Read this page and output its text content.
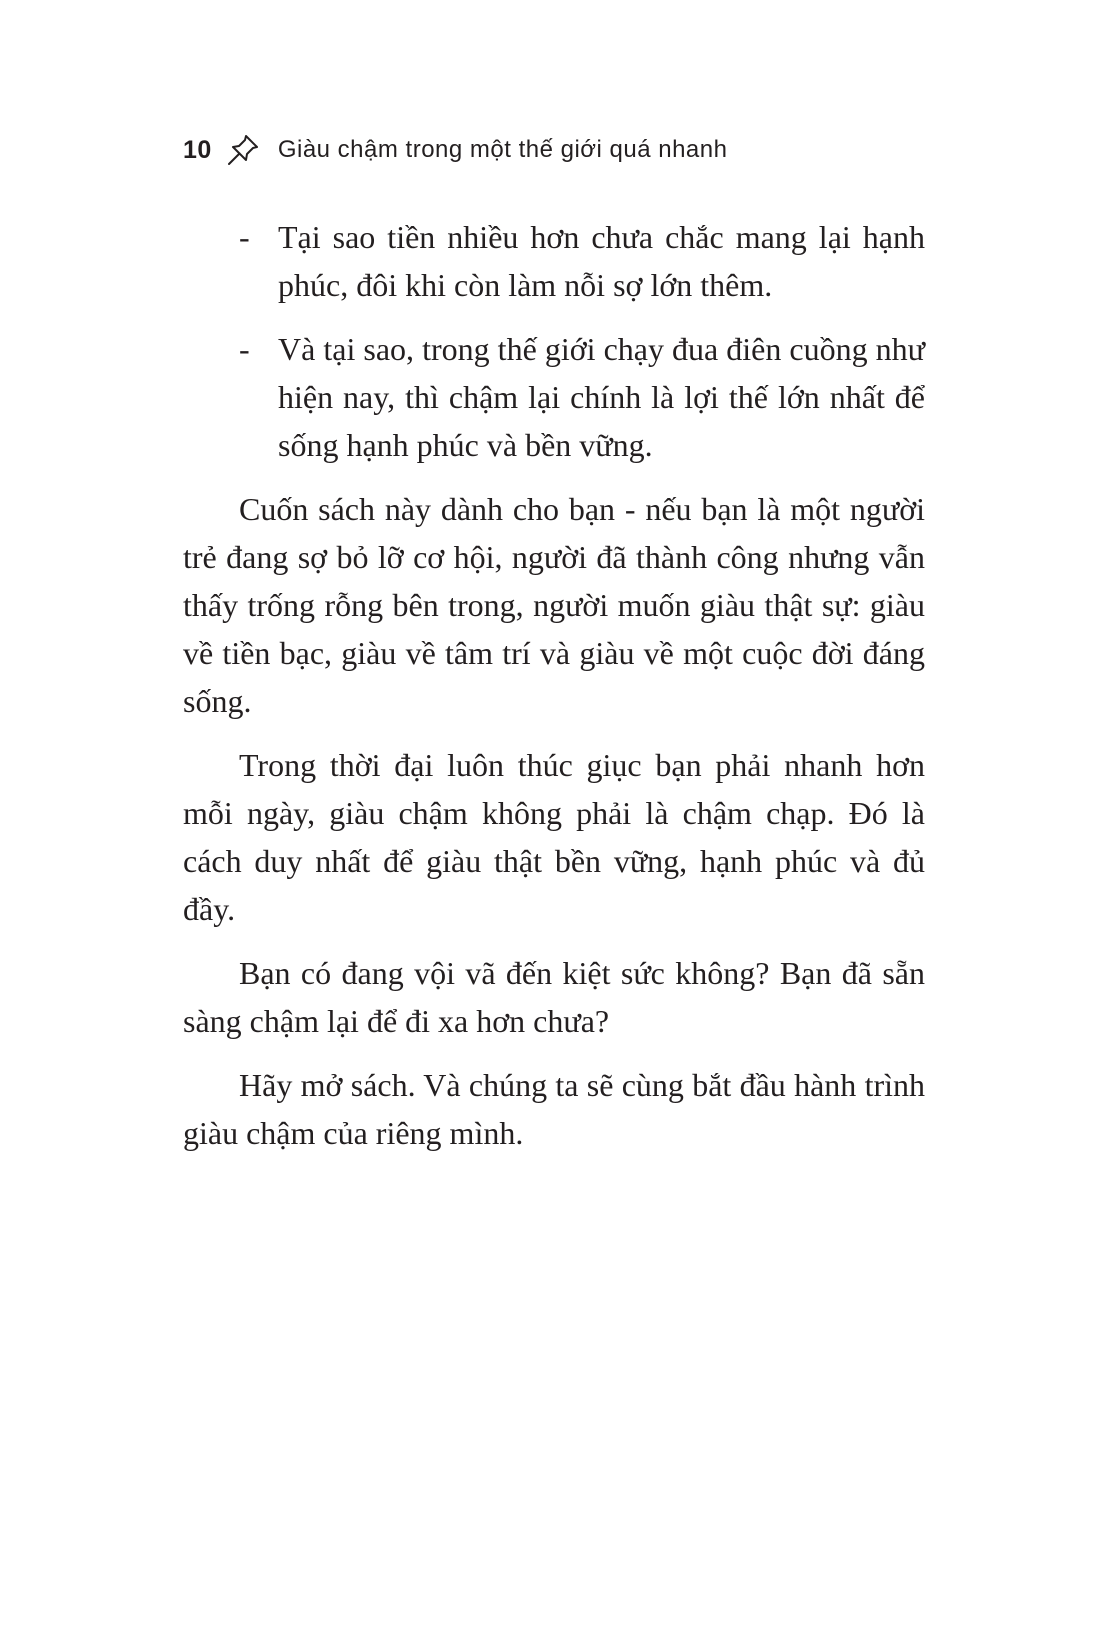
10	Giàu chậm trong một thế giới quá nhanh
- Tại sao tiền nhiều hơn chưa chắc mang lại hạnh phúc, đôi khi còn làm nỗi sợ lớn thêm.
- Và tại sao, trong thế giới chạy đua điên cuồng như hiện nay, thì chậm lại chính là lợi thế lớn nhất để sống hạnh phúc và bền vững.

Cuốn sách này dành cho bạn - nếu bạn là một người trẻ đang sợ bỏ lỡ cơ hội, người đã thành công nhưng vẫn thấy trống rỗng bên trong, người muốn giàu thật sự: giàu về tiền bạc, giàu về tâm trí và giàu về một cuộc đời đáng sống.

Trong thời đại luôn thúc giục bạn phải nhanh hơn mỗi ngày, giàu chậm không phải là chậm chạp. Đó là cách duy nhất để giàu thật bền vững, hạnh phúc và đủ đầy.

Bạn có đang vội vã đến kiệt sức không? Bạn đã sẵn sàng chậm lại để đi xa hơn chưa?

Hãy mở sách. Và chúng ta sẽ cùng bắt đầu hành trình giàu chậm của riêng mình.
